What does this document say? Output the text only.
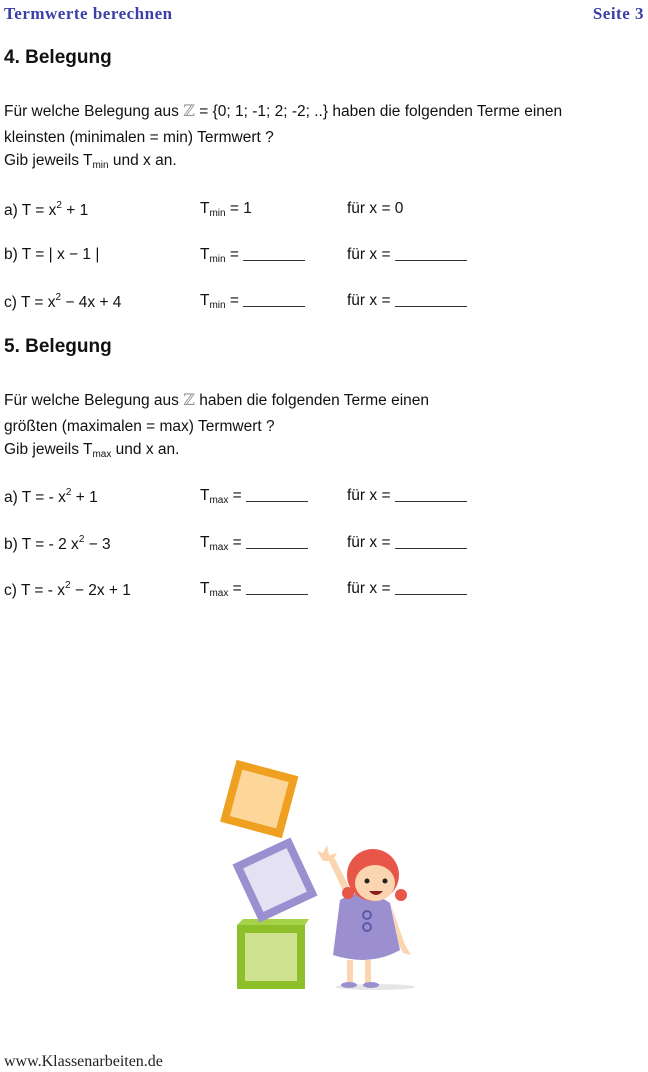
Termwerte berechnen	Seite 3
4. Belegung
Für welche Belegung aus ℤ = {0; 1; -1; 2; -2; ..} haben die folgenden Terme einen
kleinsten (minimalen = min) Termwert ?
Gib jeweils $T_{min}$ und x an.
a) $T = x^2 + 1$	$T_{min} = 1$	für x = 0
b) T = | x − 1 |	$T_{min}$ =	für x =
c) $T = x^2 - 4x + 4$	$T_{min}$ =	für x =
5. Belegung
Für welche Belegung aus ℤ haben die folgenden Terme einen
größten (maximalen = max) Termwert ?
Gib jeweils $T_{max}$ und x an.
a) T = - $x^2 + 1$	$T_{max}$ =	für x =
b) T = - 2 $x^2 - 3$	$T_{max}$ =	für x =
c) T = - $x^2 - 2x + 1$	$T_{max}$ =	für x =
www.Klassenarbeiten.de
